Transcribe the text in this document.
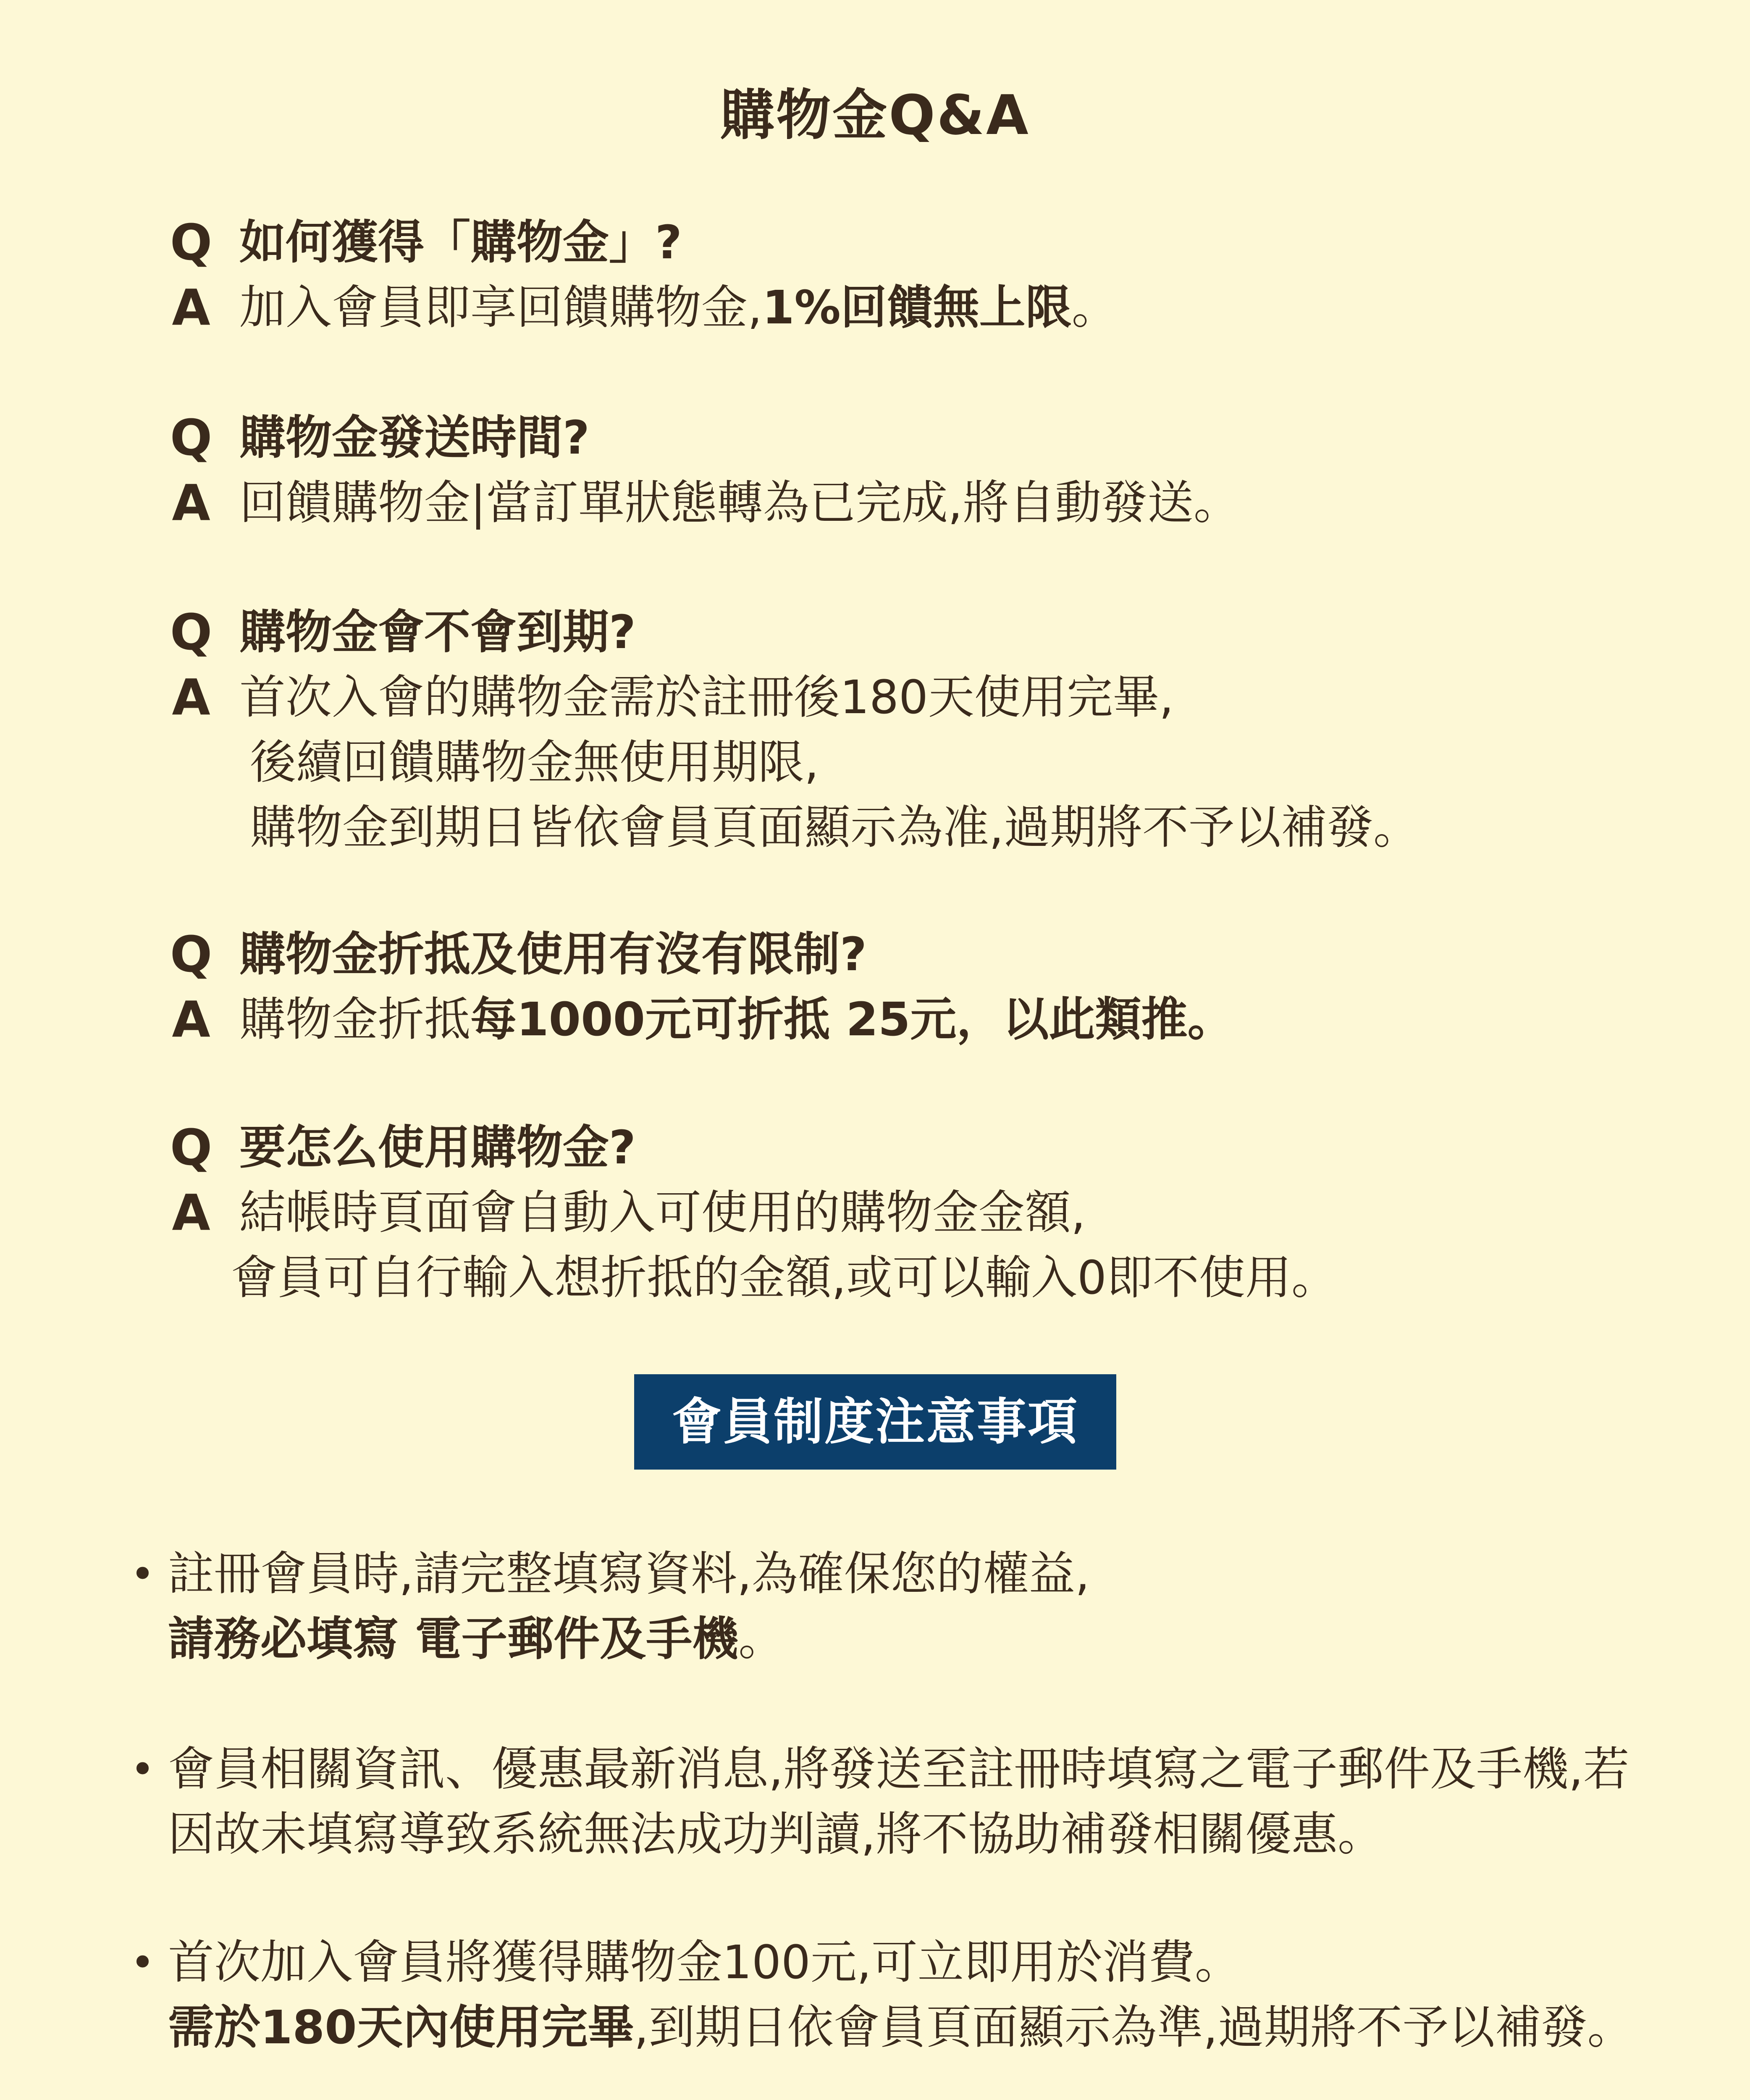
購物金Q&A
Q 如何獲得「購物金」?
A 加入會員即享回饋購物金,1%回饋無上限。
Q 購物金發送時間?
A 回饋購物金|當訂單狀態轉為已完成,將自動發送。
Q 購物金會不會到期?
A 首次入會的購物金需於註冊後180天使用完畢,
後續回饋購物金無使用期限,
購物金到期日皆依會員頁面顯示為准,過期將不予以補發。
Q 購物金折抵及使用有沒有限制?
A 購物金折抵每1000元可折抵 25元，以此類推。
Q 要怎么使用購物金?
A 結帳時頁面會自動入可使用的購物金金額,
會員可自行輸入想折抵的金額,或可以輸入0即不使用。
會員制度注意事項
• 註冊會員時,請完整填寫資料,為確保您的權益,
請務必填寫 電子郵件及手機。
• 會員相關資訊、優惠最新消息,將發送至註冊時填寫之電子郵件及手機,若
因故未填寫導致系統無法成功判讀,將不協助補發相關優惠。
• 首次加入會員將獲得購物金100元,可立即用於消費。
需於180天內使用完畢,到期日依會員頁面顯示為準,過期將不予以補發。
